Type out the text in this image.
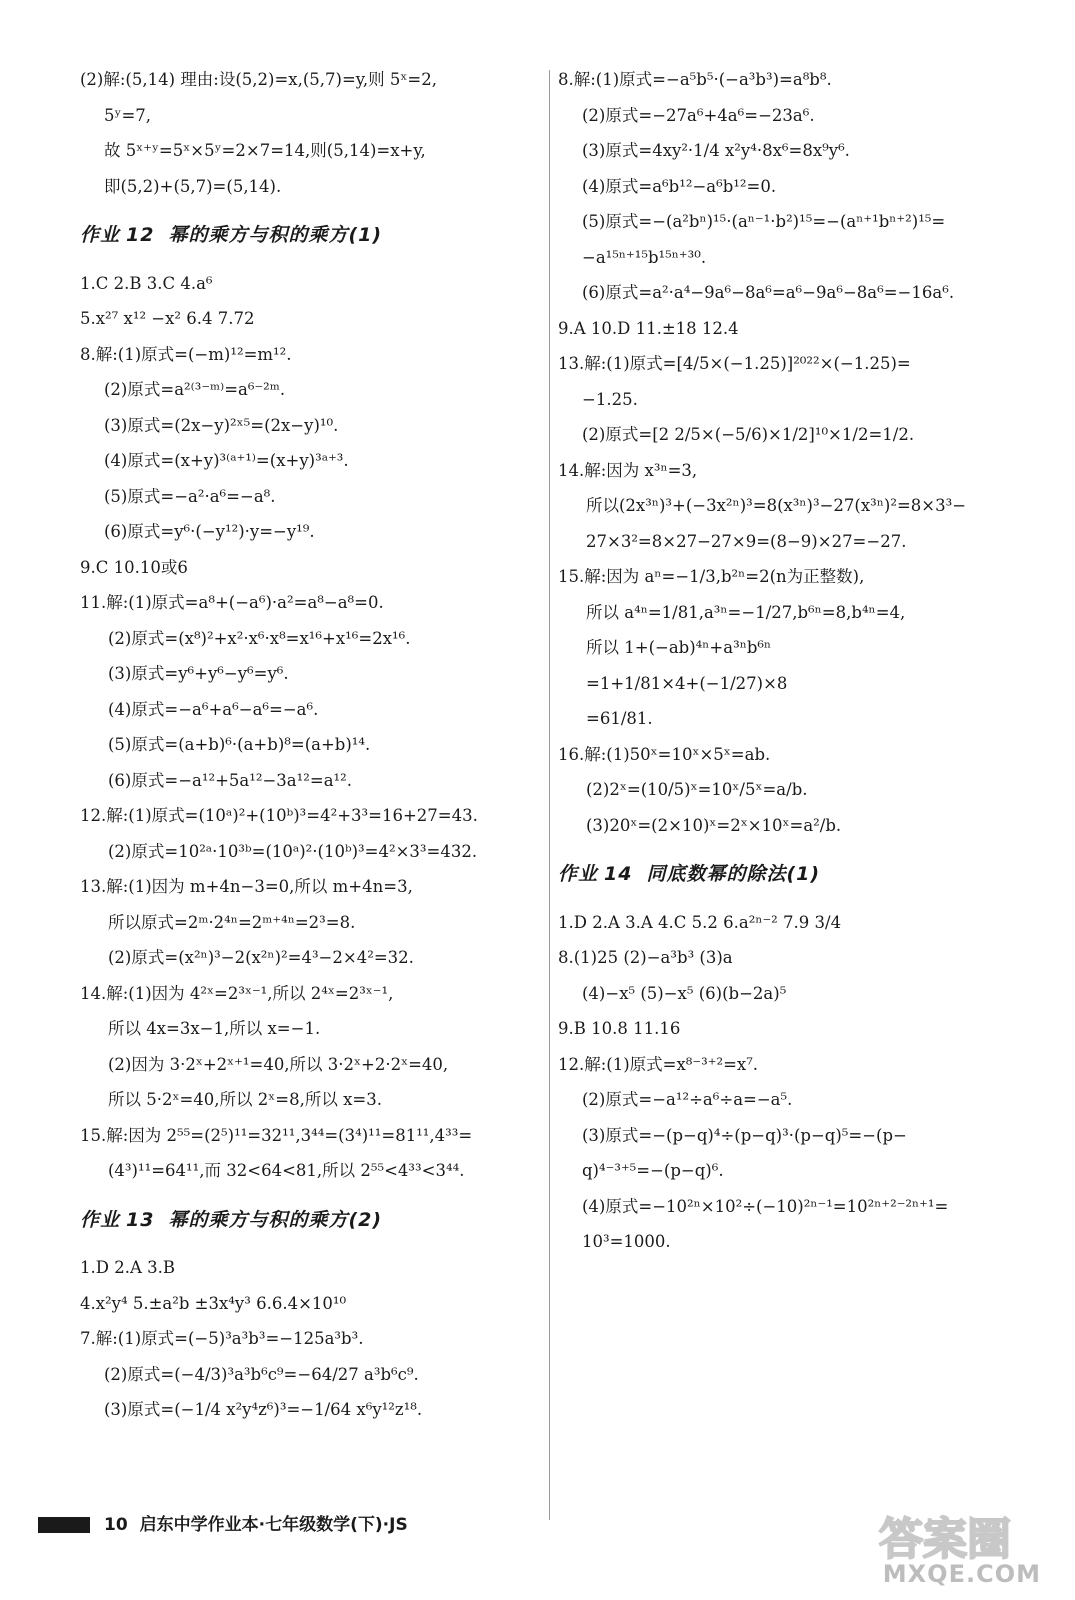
(2)解:(5,14) 理由:设(5,2)=x,(5,7)=y,则 5ˣ=2,
5ʸ=7,
故 5ˣ⁺ʸ=5ˣ×5ʸ=2×7=14,则(5,14)=x+y,
即(5,2)+(5,7)=(5,14).
作业 12 幂的乘方与积的乘方(1)
1.C 2.B 3.C 4.a⁶
5.x²⁷ x¹² −x² 6.4 7.72
8.解:(1)原式=(−m)¹²=m¹².
(2)原式=a²⁽³⁻ᵐ⁾=a⁶⁻²ᵐ.
(3)原式=(2x−y)²ˣ⁵=(2x−y)¹⁰.
(4)原式=(x+y)³⁽ᵃ⁺¹⁾=(x+y)³ᵃ⁺³.
(5)原式=−a²·a⁶=−a⁸.
(6)原式=y⁶·(−y¹²)·y=−y¹⁹.
9.C 10.10或6
11.解:(1)原式=a⁸+(−a⁶)·a²=a⁸−a⁸=0.
(2)原式=(x⁸)²+x²·x⁶·x⁸=x¹⁶+x¹⁶=2x¹⁶.
(3)原式=y⁶+y⁶−y⁶=y⁶.
(4)原式=−a⁶+a⁶−a⁶=−a⁶.
(5)原式=(a+b)⁶·(a+b)⁸=(a+b)¹⁴.
(6)原式=−a¹²+5a¹²−3a¹²=a¹².
12.解:(1)原式=(10ᵃ)²+(10ᵇ)³=4²+3³=16+27=43.
(2)原式=10²ᵃ·10³ᵇ=(10ᵃ)²·(10ᵇ)³=4²×3³=432.
13.解:(1)因为 m+4n−3=0,所以 m+4n=3,
所以原式=2ᵐ·2⁴ⁿ=2ᵐ⁺⁴ⁿ=2³=8.
(2)原式=(x²ⁿ)³−2(x²ⁿ)²=4³−2×4²=32.
14.解:(1)因为 4²ˣ=2³ˣ⁻¹,所以 2⁴ˣ=2³ˣ⁻¹,
所以 4x=3x−1,所以 x=−1.
(2)因为 3·2ˣ+2ˣ⁺¹=40,所以 3·2ˣ+2·2ˣ=40,
所以 5·2ˣ=40,所以 2ˣ=8,所以 x=3.
15.解:因为 2⁵⁵=(2⁵)¹¹=32¹¹,3⁴⁴=(3⁴)¹¹=81¹¹,4³³=
(4³)¹¹=64¹¹,而 32<64<81,所以 2⁵⁵<4³³<3⁴⁴.
作业 13 幂的乘方与积的乘方(2)
1.D 2.A 3.B
4.x²y⁴ 5.±a²b ±3x⁴y³ 6.6.4×10¹⁰
7.解:(1)原式=(−5)³a³b³=−125a³b³.
(2)原式=(−4/3)³a³b⁶c⁹=−64/27 a³b⁶c⁹.
(3)原式=(−1/4 x²y⁴z⁶)³=−1/64 x⁶y¹²z¹⁸.
8.解:(1)原式=−a⁵b⁵·(−a³b³)=a⁸b⁸.
(2)原式=−27a⁶+4a⁶=−23a⁶.
(3)原式=4xy²·1/4 x²y⁴·8x⁶=8x⁹y⁶.
(4)原式=a⁶b¹²−a⁶b¹²=0.
(5)原式=−(a²bⁿ)¹⁵·(aⁿ⁻¹·b²)¹⁵=−(aⁿ⁺¹bⁿ⁺²)¹⁵=
−a¹⁵ⁿ⁺¹⁵b¹⁵ⁿ⁺³⁰.
(6)原式=a²·a⁴−9a⁶−8a⁶=a⁶−9a⁶−8a⁶=−16a⁶.
9.A 10.D 11.±18 12.4
13.解:(1)原式=[4/5×(−1.25)]²⁰²²×(−1.25)=
−1.25.
(2)原式=[2 2/5×(−5/6)×1/2]¹⁰×1/2=1/2.
14.解:因为 x³ⁿ=3,
所以(2x³ⁿ)³+(−3x²ⁿ)³=8(x³ⁿ)³−27(x³ⁿ)²=8×3³−
27×3²=8×27−27×9=(8−9)×27=−27.
15.解:因为 aⁿ=−1/3,b²ⁿ=2(n为正整数),
所以 a⁴ⁿ=1/81,a³ⁿ=−1/27,b⁶ⁿ=8,b⁴ⁿ=4,
所以 1+(−ab)⁴ⁿ+a³ⁿb⁶ⁿ
=1+1/81×4+(−1/27)×8
=61/81.
16.解:(1)50ˣ=10ˣ×5ˣ=ab.
(2)2ˣ=(10/5)ˣ=10ˣ/5ˣ=a/b.
(3)20ˣ=(2×10)ˣ=2ˣ×10ˣ=a²/b.
作业 14 同底数幂的除法(1)
1.D 2.A 3.A 4.C 5.2 6.a²ⁿ⁻² 7.9 3/4
8.(1)25 (2)−a³b³ (3)a
(4)−x⁵ (5)−x⁵ (6)(b−2a)⁵
9.B 10.8 11.16
12.解:(1)原式=x⁸⁻³⁺²=x⁷.
(2)原式=−a¹²÷a⁶÷a=−a⁵.
(3)原式=−(p−q)⁴÷(p−q)³·(p−q)⁵=−(p−
q)⁴⁻³⁺⁵=−(p−q)⁶.
(4)原式=−10²ⁿ×10²÷(−10)²ⁿ⁻¹=10²ⁿ⁺²⁻²ⁿ⁺¹=
10³=1000.
10 启东中学作业本·七年级数学(下)·JS	答案圈
MXQE.COM
